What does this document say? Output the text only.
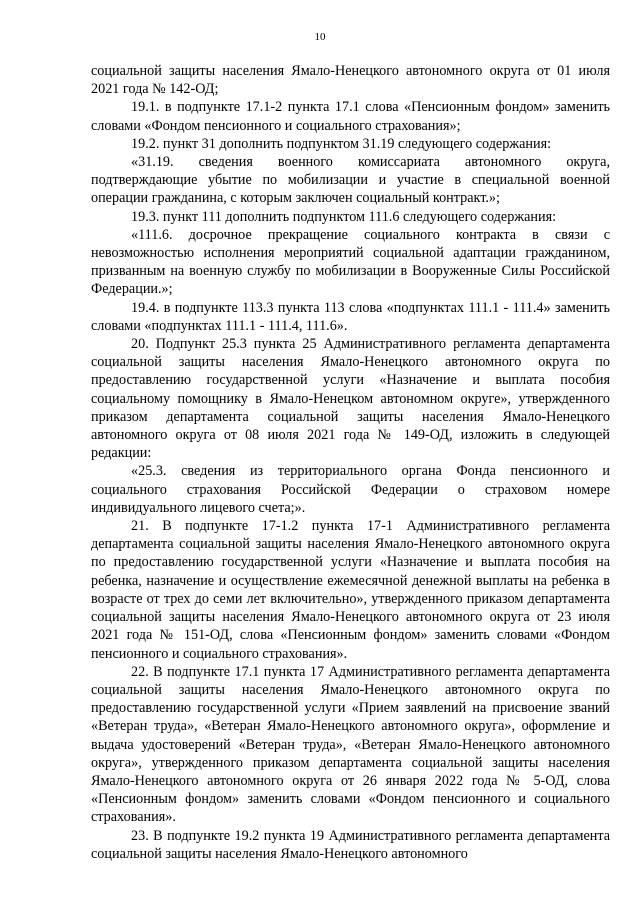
10

социальной защиты населения Ямало-Ненецкого автономного округа от 01 июля 2021 года № 142-ОД;

19.1. в подпункте 17.1-2 пункта 17.1 слова «Пенсионным фондом» заменить словами «Фондом пенсионного и социального страхования»;

19.2. пункт 31 дополнить подпунктом 31.19 следующего содержания:

«31.19. сведения военного комиссариата автономного округа, подтверждающие убытие по мобилизации и участие в специальной военной операции гражданина, с которым заключен социальный контракт.»;

19.3. пункт 111 дополнить подпунктом 111.6 следующего содержания:

«111.6. досрочное прекращение социального контракта в связи с невозможностью исполнения мероприятий социальной адаптации гражданином, призванным на военную службу по мобилизации в Вооруженные Силы Российской Федерации.»;

19.4. в подпункте 113.3 пункта 113 слова «подпунктах 111.1 - 111.4» заменить словами «подпунктах 111.1 - 111.4, 111.6».

20. Подпункт 25.3 пункта 25 Административного регламента департамента социальной защиты населения Ямало-Ненецкого автономного округа по предоставлению государственной услуги «Назначение и выплата пособия социальному помощнику в Ямало-Ненецком автономном округе», утвержденного приказом департамента социальной защиты населения Ямало-Ненецкого автономного округа от 08 июля 2021 года № 149-ОД, изложить в следующей редакции:

«25.3. сведения из территориального органа Фонда пенсионного и социального страхования Российской Федерации о страховом номере индивидуального лицевого счета;».

21. В подпункте 17-1.2 пункта 17-1 Административного регламента департамента социальной защиты населения Ямало-Ненецкого автономного округа по предоставлению государственной услуги «Назначение и выплата пособия на ребенка, назначение и осуществление ежемесячной денежной выплаты на ребенка в возрасте от трех до семи лет включительно», утвержденного приказом департамента социальной защиты населения Ямало-Ненецкого автономного округа от 23 июля 2021 года № 151-ОД, слова «Пенсионным фондом» заменить словами «Фондом пенсионного и социального страхования».

22. В подпункте 17.1 пункта 17 Административного регламента департамента социальной защиты населения Ямало-Ненецкого автономного округа по предоставлению государственной услуги «Прием заявлений на присвоение званий «Ветеран труда», «Ветеран Ямало-Ненецкого автономного округа», оформление и выдача удостоверений «Ветеран труда», «Ветеран Ямало-Ненецкого автономного округа», утвержденного приказом департамента социальной защиты населения Ямало-Ненецкого автономного округа от 26 января 2022 года № 5-ОД, слова «Пенсионным фондом» заменить словами «Фондом пенсионного и социального страхования».

23. В подпункте 19.2 пункта 19 Административного регламента департамента социальной защиты населения Ямало-Ненецкого автономного
